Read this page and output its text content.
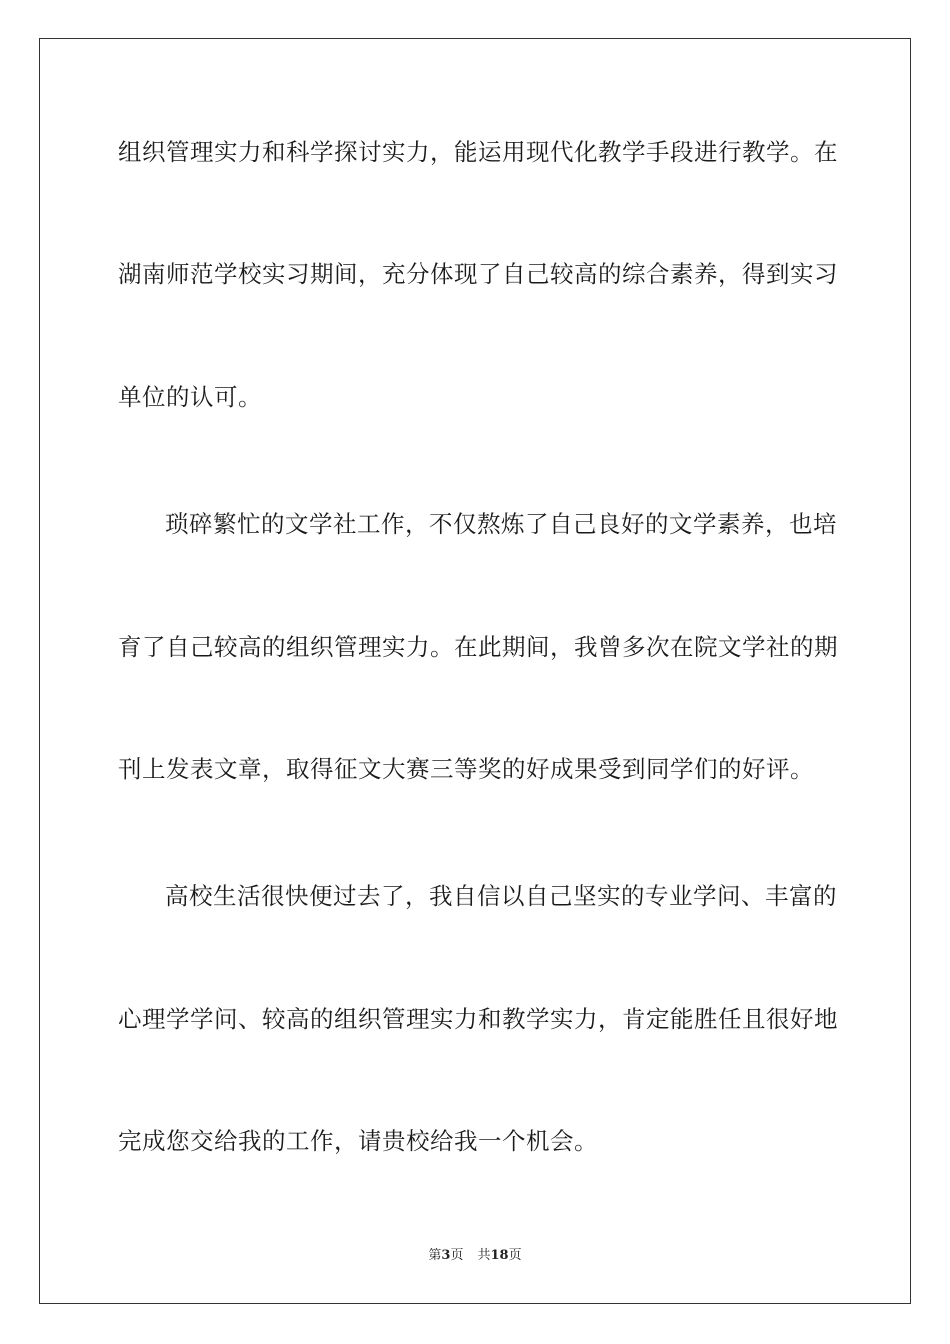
组织管理实力和科学探讨实力，能运用现代化教学手段进行教学。在
湖南师范学校实习期间，充分体现了自己较高的综合素养，得到实习
单位的认可。
琐碎繁忙的文学社工作，不仅熬炼了自己良好的文学素养，也培
育了自己较高的组织管理实力。在此期间，我曾多次在院文学社的期
刊上发表文章，取得征文大赛三等奖的好成果受到同学们的好评。
高校生活很快便过去了，我自信以自己坚实的专业学问、丰富的
心理学学问、较高的组织管理实力和教学实力，肯定能胜任且很好地
完成您交给我的工作，请贵校给我一个机会。
第3页 共18页
